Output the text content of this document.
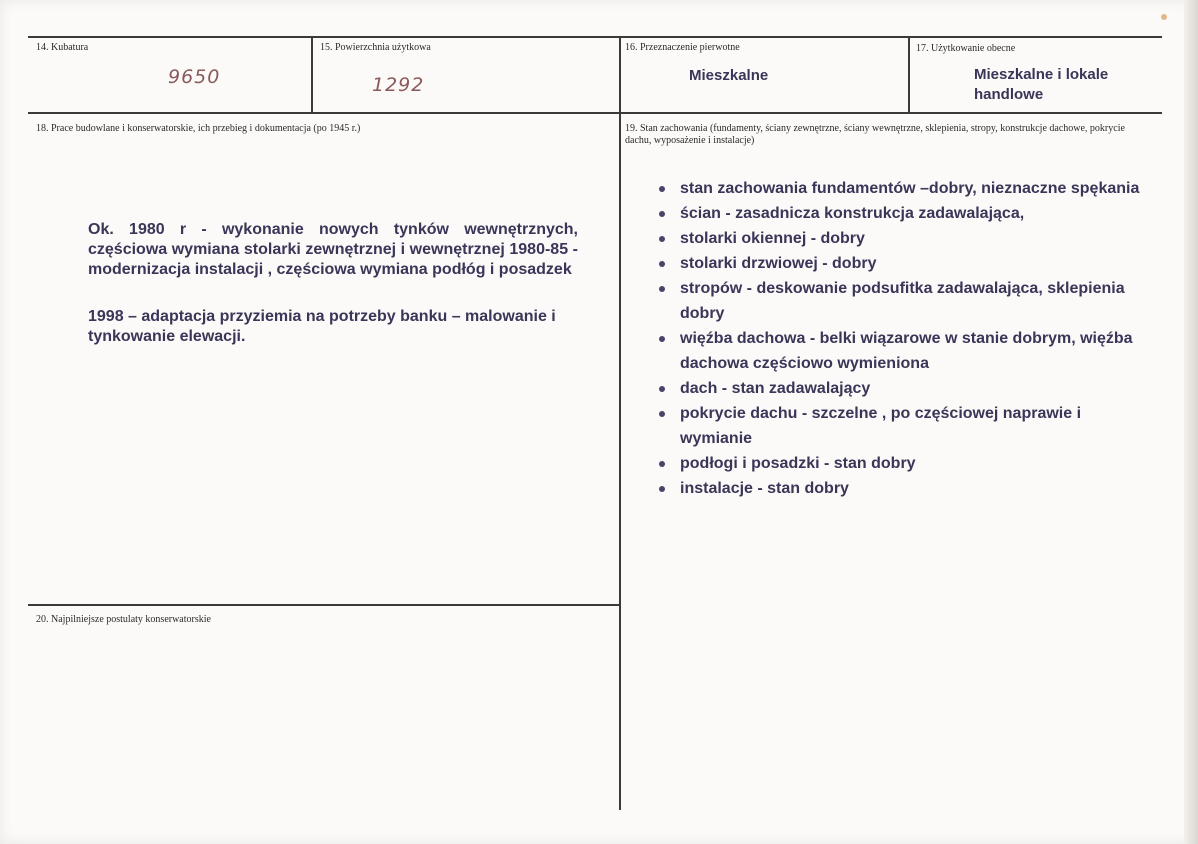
14. Kubatura
9650
15. Powierzchnia użytkowa
1292
16. Przeznaczenie pierwotne
Mieszkalne
17. Użytkowanie obecne
Mieszkalne i lokale handlowe
18. Prace budowlane i konserwatorskie, ich przebieg i dokumentacja (po 1945 r.)
Ok. 1980 r - wykonanie nowych tynków wewnętrznych, częściowa wymiana stolarki zewnętrznej i wewnętrznej 1980-85 - modernizacja instalacji , częściowa wymiana podłóg i posadzek
1998 – adaptacja przyziemia na potrzeby banku – malowanie i tynkowanie elewacji.
19. Stan zachowania (fundamenty, ściany zewnętrzne, ściany wewnętrzne, sklepienia, stropy, konstrukcje dachowe, pokrycie dachu, wyposażenie i instalacje)
stan zachowania fundamentów –dobry, nieznaczne spękania
ścian - zasadnicza konstrukcja zadawalająca,
stolarki okiennej - dobry
stolarki drzwiowej - dobry
stropów - deskowanie podsufitka zadawalająca, sklepienia dobry
więźba dachowa - belki wiązarowe w stanie dobrym, więźba dachowa częściowo wymieniona
dach - stan zadawalający
pokrycie dachu - szczelne , po częściowej naprawie i wymianie
podłogi i posadzki - stan dobry
instalacje - stan dobry
20. Najpilniejsze postulaty konserwatorskie
